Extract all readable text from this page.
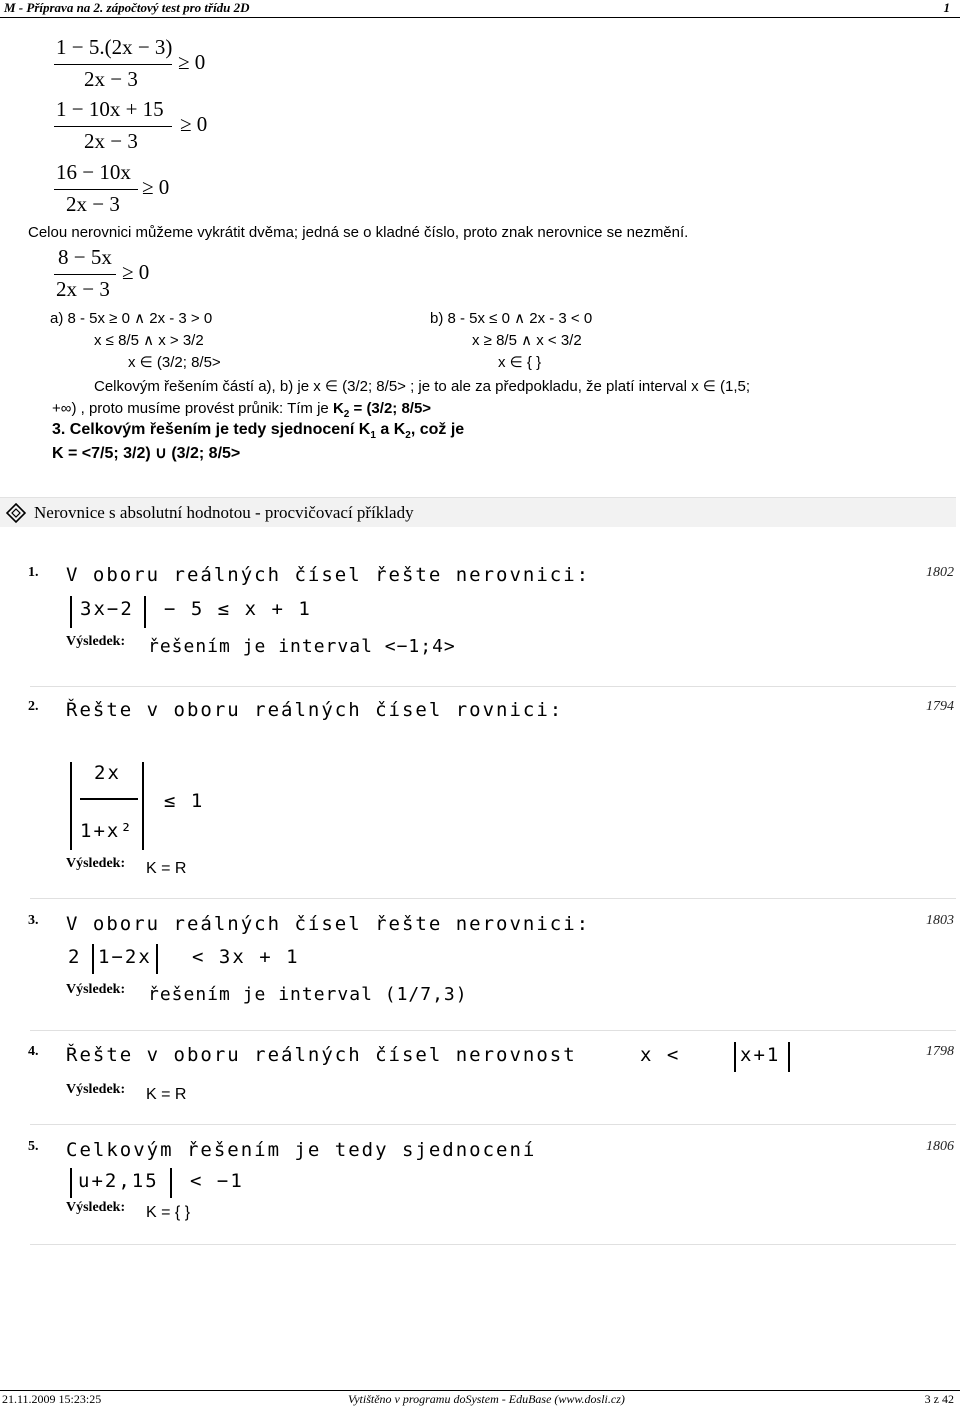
M - Příprava na 2. zápočtový test pro třídu 2D	1
1 − 5.(2x − 3)
2x − 3
≥ 0
1 − 10x + 15
2x − 3
≥ 0
16 − 10x
2x − 3
≥ 0
Celou nerovnici můžeme vykrátit dvěma; jedná se o kladné číslo, proto znak nerovnice se nezmění.
8 − 5x
2x − 3
≥ 0
a) 8 - 5x ≥ 0 ∧ 2x - 3 > 0
x ≤ 8/5 ∧ x > 3/2
x ∈ (3/2; 8/5>
b) 8 - 5x ≤ 0 ∧ 2x - 3 < 0
x ≥ 8/5 ∧ x < 3/2
x ∈ { }
Celkovým řešením částí a), b) je x ∈ (3/2; 8/5> ; je to ale za předpokladu, že platí interval x ∈ (1,5;
+∞) , proto musíme provést průnik: Tím je $K_2 = (3/2$; 8/5>
3. Celkovým řešením je tedy sjednocení $K_1$ a $K_2$, což je
K = <7/5; 3/2) ∪ (3/2; 8/5>
Nerovnice s absolutní hodnotou - procvičovací příklady
1.	1802
V oboru reálných čísel řešte nerovnici:
3x−2 − 5 ≤ x + 1
Výsledek: řešením je interval <−1;4>
2.	1794
Řešte v oboru reálných čísel rovnici:
2x
1+x²
≤ 1
Výsledek: K = R
3.	1803
V oboru reálných čísel řešte nerovnici:
2 1−2x < 3x + 1
Výsledek: řešením je interval (1/7,3)
4.	1798
Řešte v oboru reálných čísel nerovnost	x <	x+1
Výsledek: K = R
5.	1806
Celkovým řešením je tedy sjednocení
u+2,15 < −1
Výsledek: K = { }
21.11.2009 15:23:25	Vytištěno v programu doSystem - EduBase (www.dosli.cz)	3 z 42
